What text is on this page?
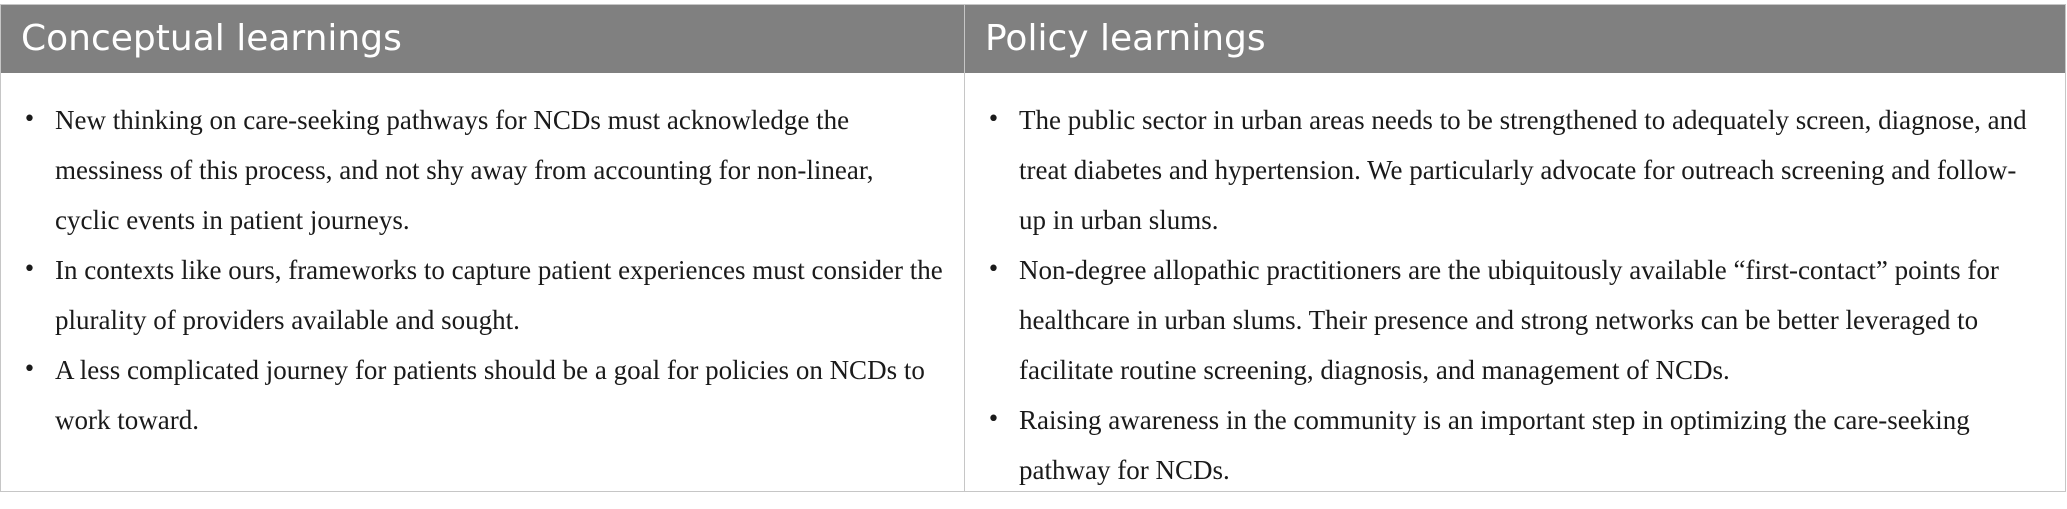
Conceptual learnings
• New thinking on care-seeking pathways for NCDs must acknowledge the messiness of this process, and not shy away from accounting for non-linear, cyclic events in patient journeys.
• In contexts like ours, frameworks to capture patient experiences must consider the plurality of providers available and sought.
• A less complicated journey for patients should be a goal for policies on NCDs to work toward.
Policy learnings
• The public sector in urban areas needs to be strengthened to adequately screen, diagnose, and treat diabetes and hypertension. We particularly advocate for outreach screening and follow-up in urban slums.
• Non-degree allopathic practitioners are the ubiquitously available “first-contact” points for healthcare in urban slums. Their presence and strong networks can be better leveraged to facilitate routine screening, diagnosis, and management of NCDs.
• Raising awareness in the community is an important step in optimizing the care-seeking pathway for NCDs.
